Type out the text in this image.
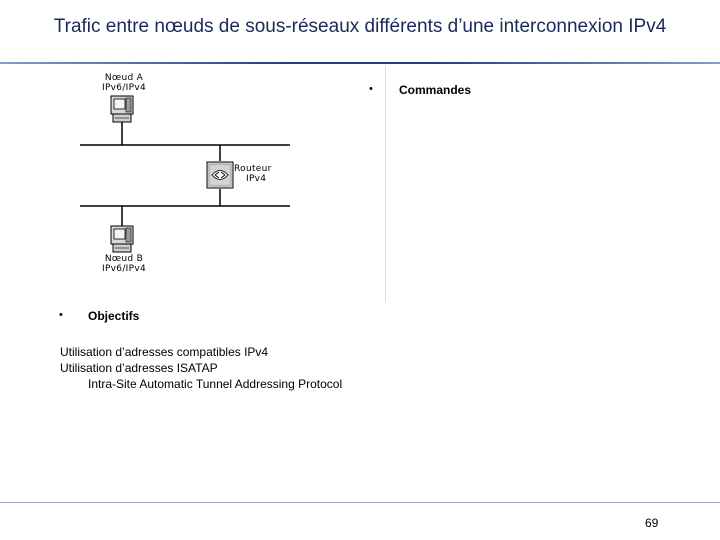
Trafic entre nœuds de sous-réseaux différents d’une interconnexion IPv4
Nœud A
IPv6/IPv4
Routeur
IPv4
Nœud B
IPv6/IPv4
• Commandes
• Objectifs
Utilisation d’adresses compatibles IPv4
Utilisation d’adresses ISATAP
Intra-Site Automatic Tunnel Addressing Protocol
69
